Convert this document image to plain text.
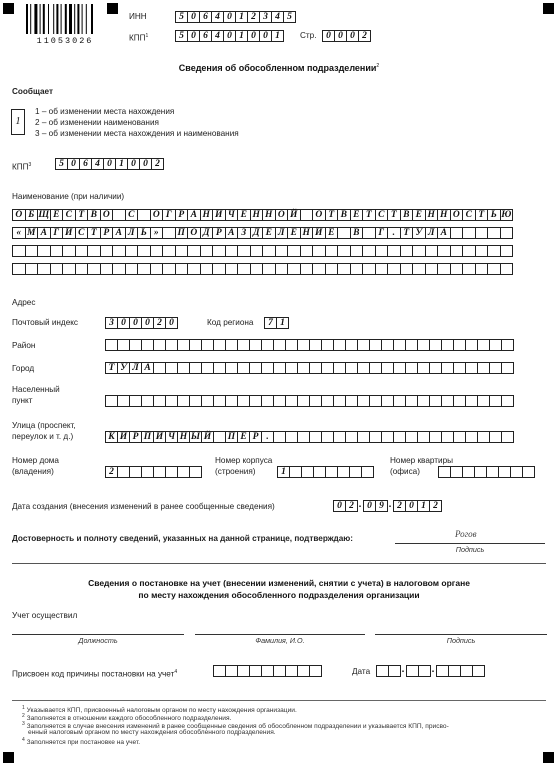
11053026
ИНН	5 0 6 4 0 1 2 3 4 5
КПП$^1$	5 0 6 4 0 1 0 0 1	Стр.	0 0 0 2
Сведения об обособленном подразделении$^2$
Сообщает
1
1 – об изменении места нахождения
2 – об изменении наименования
3 – об изменении места нахождения и наименования
КПП$^3$	5 0 6 4 0 1 0 0 2
Наименование (при наличии)
О Б Щ Е С Т В О	С	О Г Р А Н И Ч Е Н Н О Й	О Т В Е Т С Т В Е Н Н О С Т Ь Ю
« М А Г И С Т Р А Л Ь »	П О Д Р А З Д Е Л Е Н И Е	В	Г . Т У Л А
Адрес
Почтовый индекс	3 0 0 0 2 0	Код региона	7 1
Район
Город	Т У Л А
Населенный
пункт
Улица (проспект,
переулок и т. д.)	К И Р П И Ч Н Ы Й П Е Р .
Номер дома
(владения)	2
Номер корпуса
(строения)	1
Номер квартиры
(офиса)
Дата создания (внесения изменений в ранее сообщенные сведения)	0 2 . 0 9 . 2 0 1 2
Достоверность и полноту сведений, указанных на данной странице, подтверждаю:	Рогов
Подпись
Сведения о постановке на учет (внесении изменений, снятии с учета) в налоговом органе
по месту нахождения обособленного подразделения организации
Учет осуществил
Должность	Фамилия, И.О.	Подпись
Присвоен код причины постановки на учет$^4$	Дата	.	.
$^1$ Указывается КПП, присвоенный налоговым органом по месту нахождения организации.
$^2$ Заполняется в отношении каждого обособленного подразделения.
$^3$ Заполняется в случае внесения изменений в ранее сообщенные сведения об обособленном подразделении и указывается КПП, присво-
енный налоговым органом по месту нахождения обособленного подразделения.
$^4$ Заполняется при постановке на учет.
